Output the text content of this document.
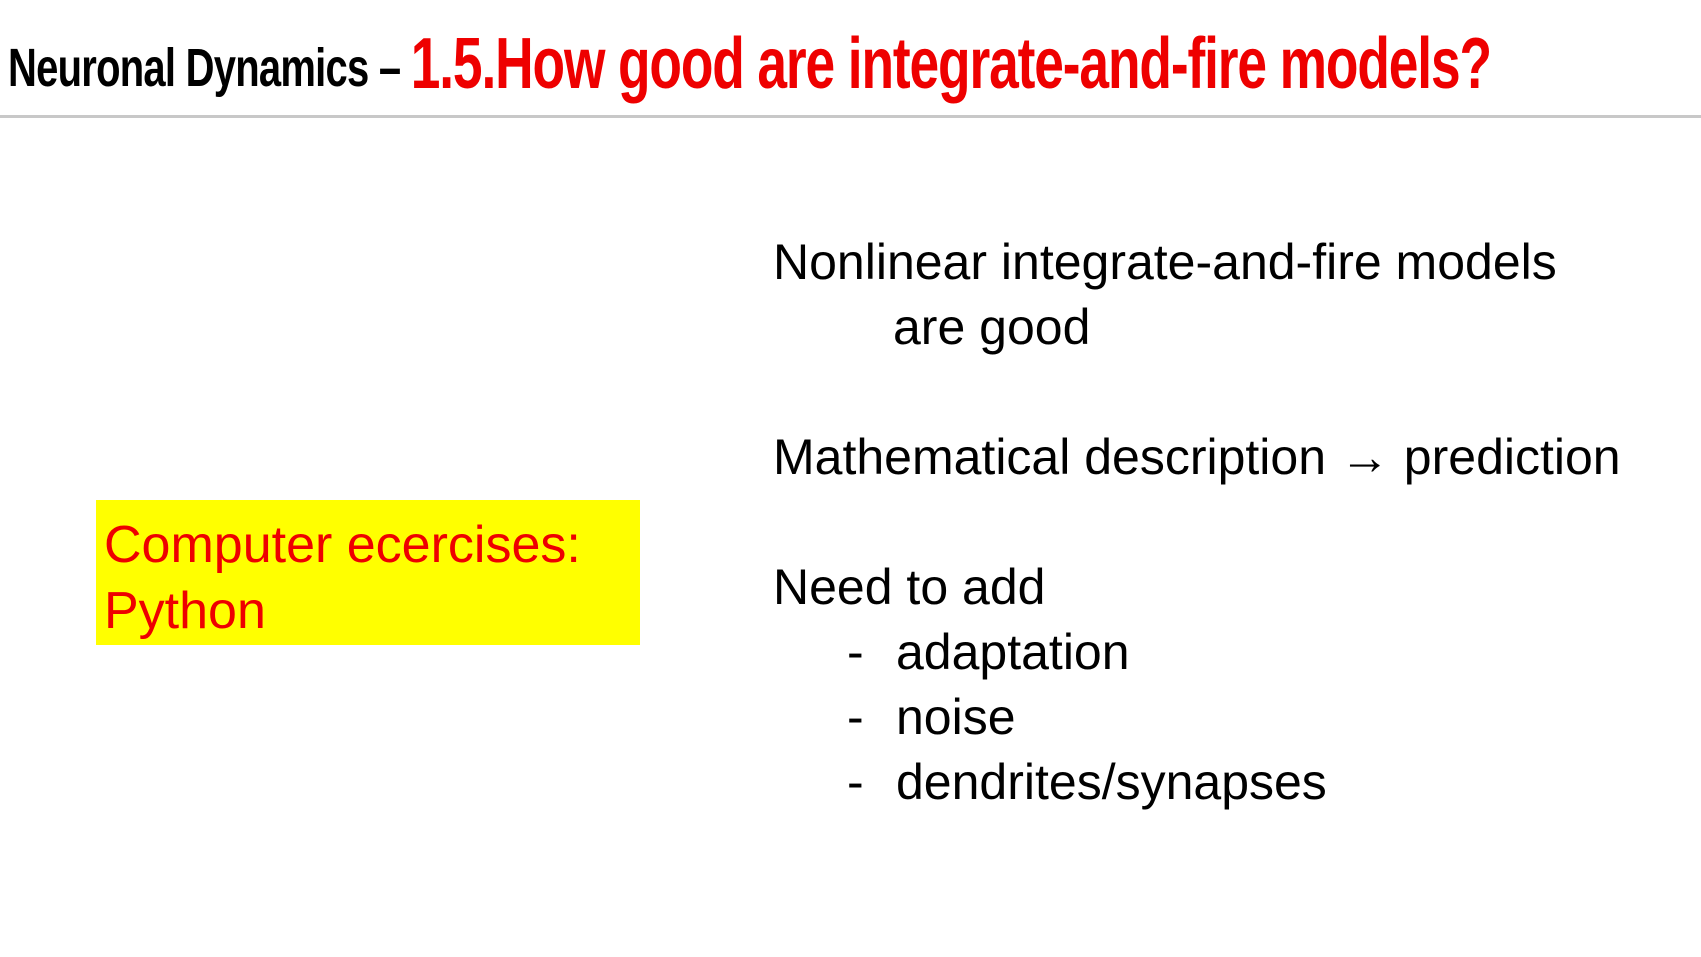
Neuronal Dynamics – 1.5.How good are integrate-and-fire models?
Computer ecercises:
Python

Nonlinear integrate-and-fire models

are good

Mathematical description → prediction

Need to add

- adaptation
- noise
- dendrites/synapses
